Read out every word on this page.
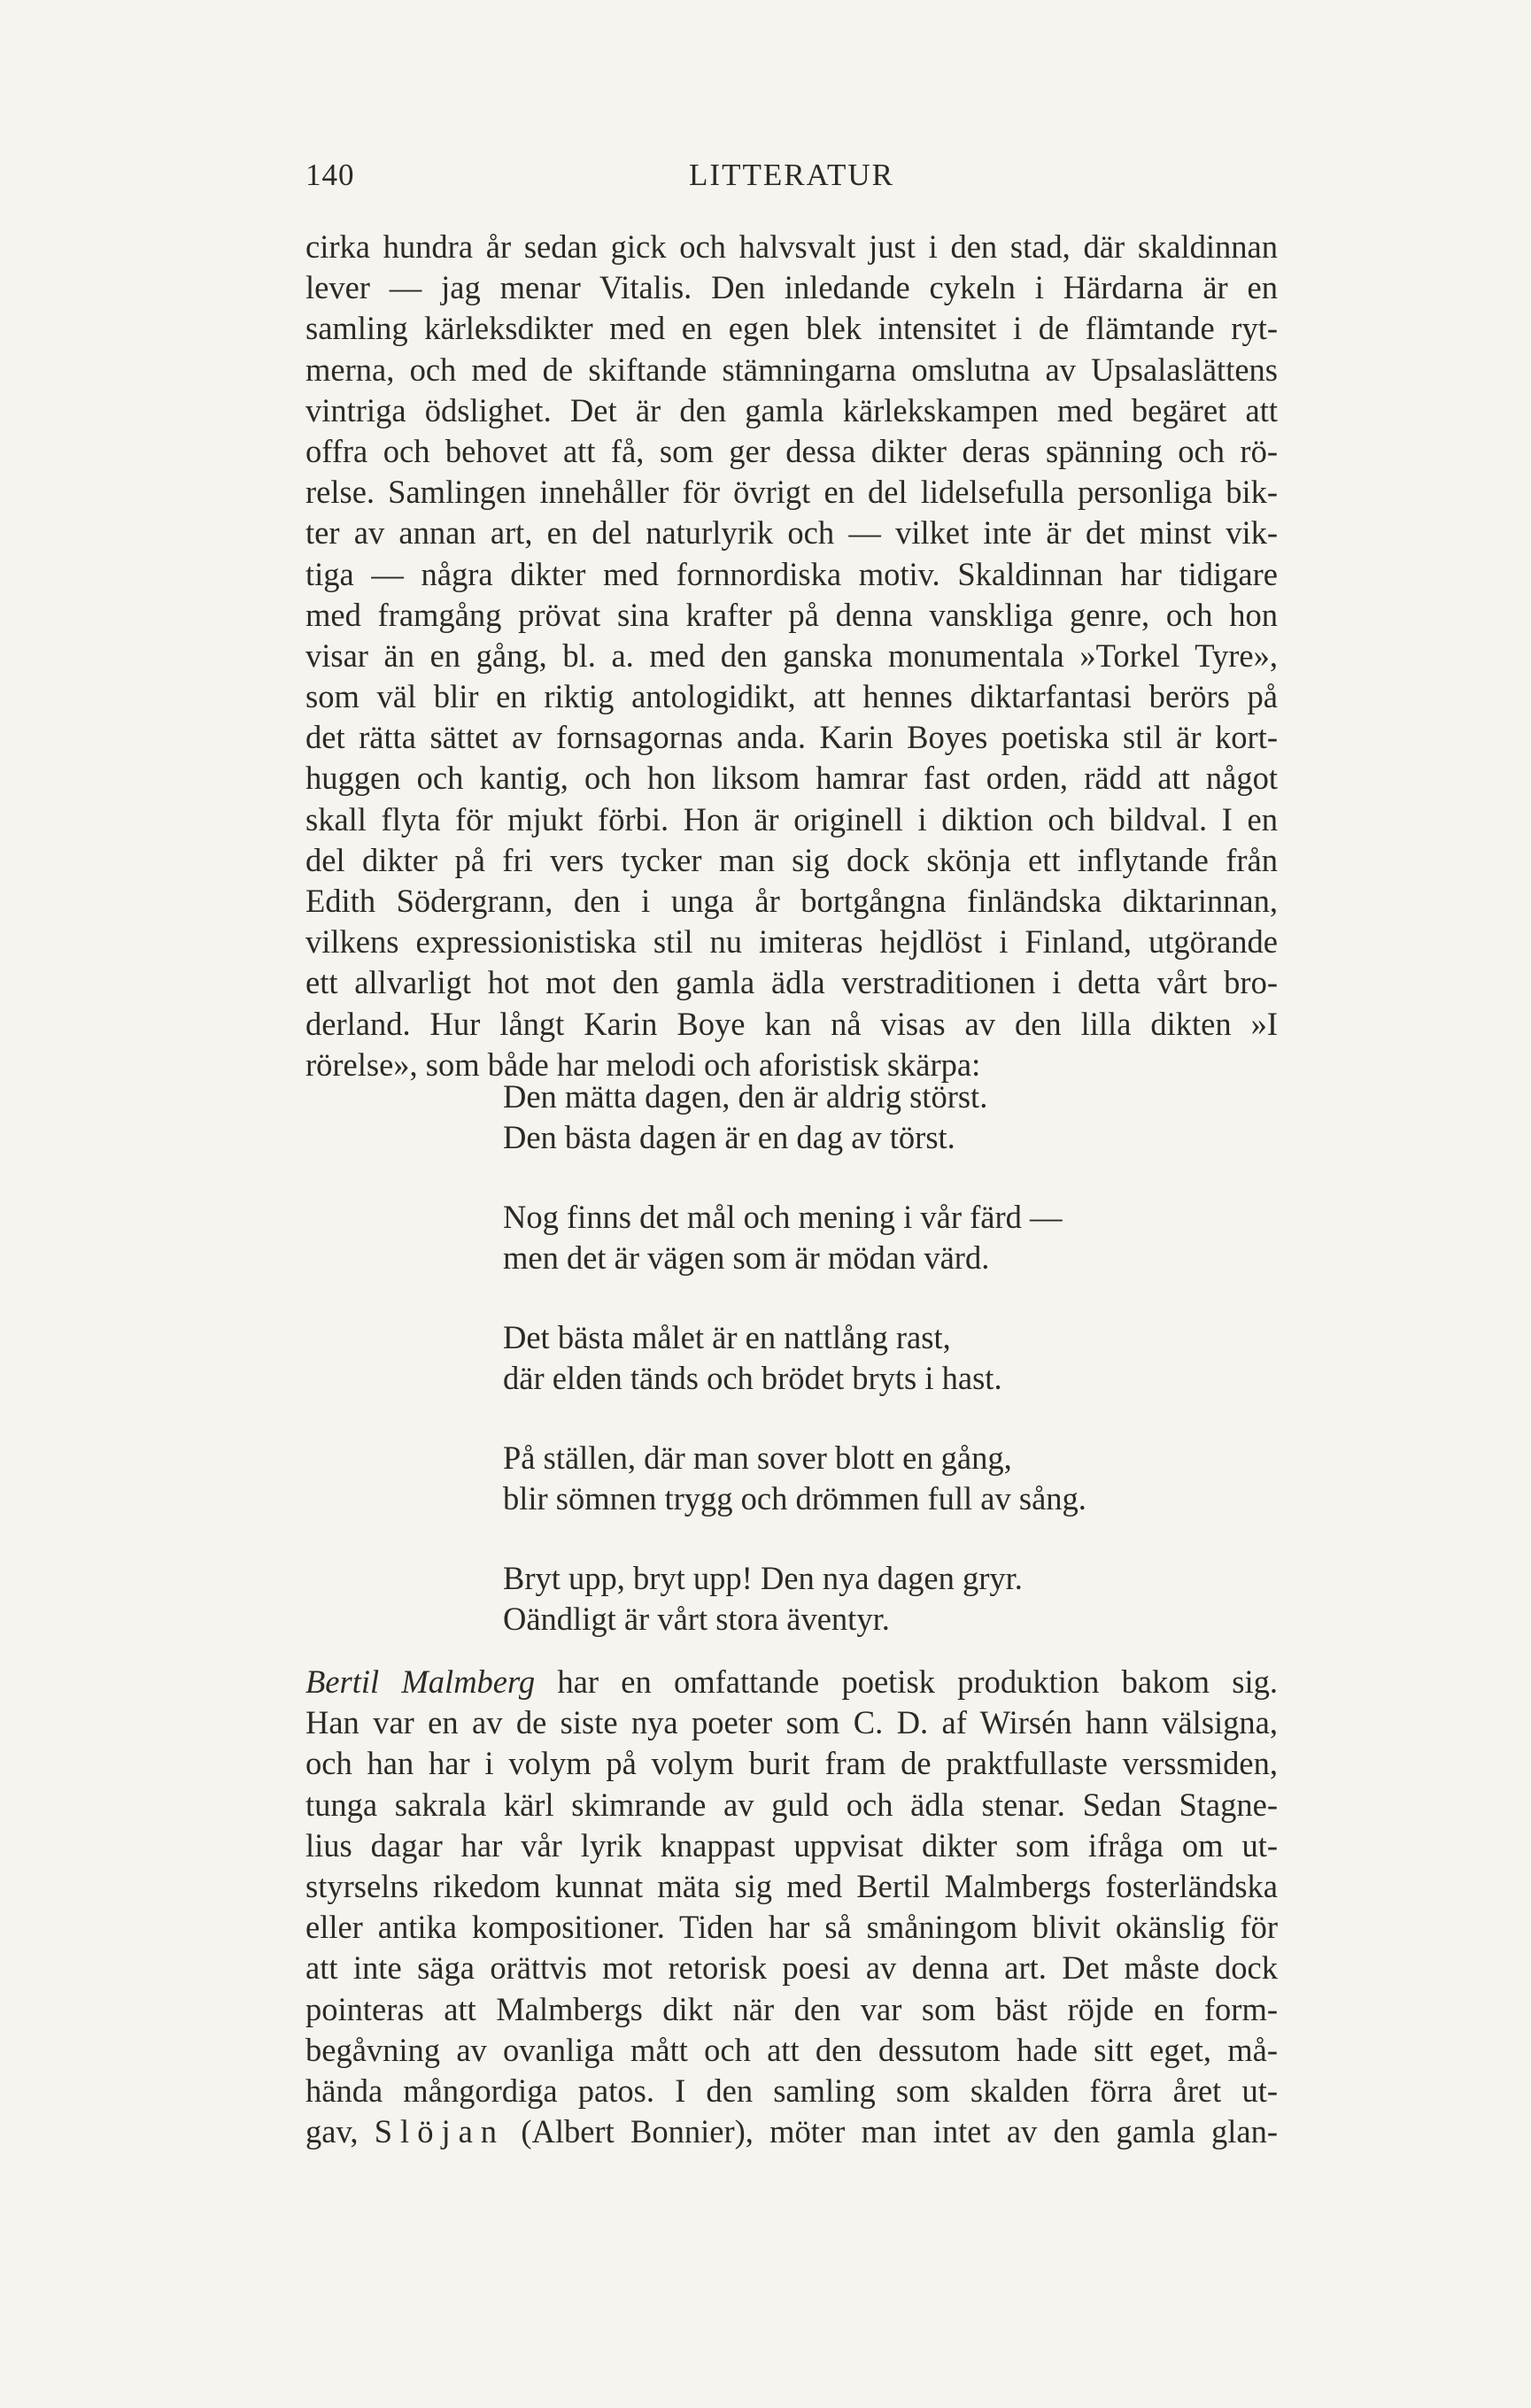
140	LITTERATUR
cirka hundra år sedan gick och halvsvalt just i den stad, där skaldinnan
lever — jag menar Vitalis. Den inledande cykeln i Härdarna är en
samling kärleksdikter med en egen blek intensitet i de flämtande ryt-
merna, och med de skiftande stämningarna omslutna av Upsalaslättens
vintriga ödslighet. Det är den gamla kärlekskampen med begäret att
offra och behovet att få, som ger dessa dikter deras spänning och rö-
relse. Samlingen innehåller för övrigt en del lidelsefulla personliga bik-
ter av annan art, en del naturlyrik och — vilket inte är det minst vik-
tiga — några dikter med fornnordiska motiv. Skaldinnan har tidigare
med framgång prövat sina krafter på denna vanskliga genre, och hon
visar än en gång, bl. a. med den ganska monumentala »Torkel Tyre»,
som väl blir en riktig antologidikt, att hennes diktarfantasi berörs på
det rätta sättet av fornsagornas anda. Karin Boyes poetiska stil är kort-
huggen och kantig, och hon liksom hamrar fast orden, rädd att något
skall flyta för mjukt förbi. Hon är originell i diktion och bildval. I en
del dikter på fri vers tycker man sig dock skönja ett inflytande från
Edith Södergrann, den i unga år bortgångna finländska diktarinnan,
vilkens expressionistiska stil nu imiteras hejdlöst i Finland, utgörande
ett allvarligt hot mot den gamla ädla verstraditionen i detta vårt bro-
derland. Hur långt Karin Boye kan nå visas av den lilla dikten »I
rörelse», som både har melodi och aforistisk skärpa:
Den mätta dagen, den är aldrig störst.
Den bästa dagen är en dag av törst.
Nog finns det mål och mening i vår färd —
men det är vägen som är mödan värd.
Det bästa målet är en nattlång rast,
där elden tänds och brödet bryts i hast.
På ställen, där man sover blott en gång,
blir sömnen trygg och drömmen full av sång.
Bryt upp, bryt upp! Den nya dagen gryr.
Oändligt är vårt stora äventyr.
Bertil Malmberg har en omfattande poetisk produktion bakom sig.
Han var en av de siste nya poeter som C. D. af Wirsén hann välsigna,
och han har i volym på volym burit fram de praktfullaste verssmiden,
tunga sakrala kärl skimrande av guld och ädla stenar. Sedan Stagne-
lius dagar har vår lyrik knappast uppvisat dikter som ifråga om ut-
styrselns rikedom kunnat mäta sig med Bertil Malmbergs fosterländska
eller antika kompositioner. Tiden har så småningom blivit okänslig för
att inte säga orättvis mot retorisk poesi av denna art. Det måste dock
pointeras att Malmbergs dikt när den var som bäst röjde en form-
begåvning av ovanliga mått och att den dessutom hade sitt eget, må-
hända mångordiga patos. I den samling som skalden förra året ut-
gav, Slöjan (Albert Bonnier), möter man intet av den gamla glan-
